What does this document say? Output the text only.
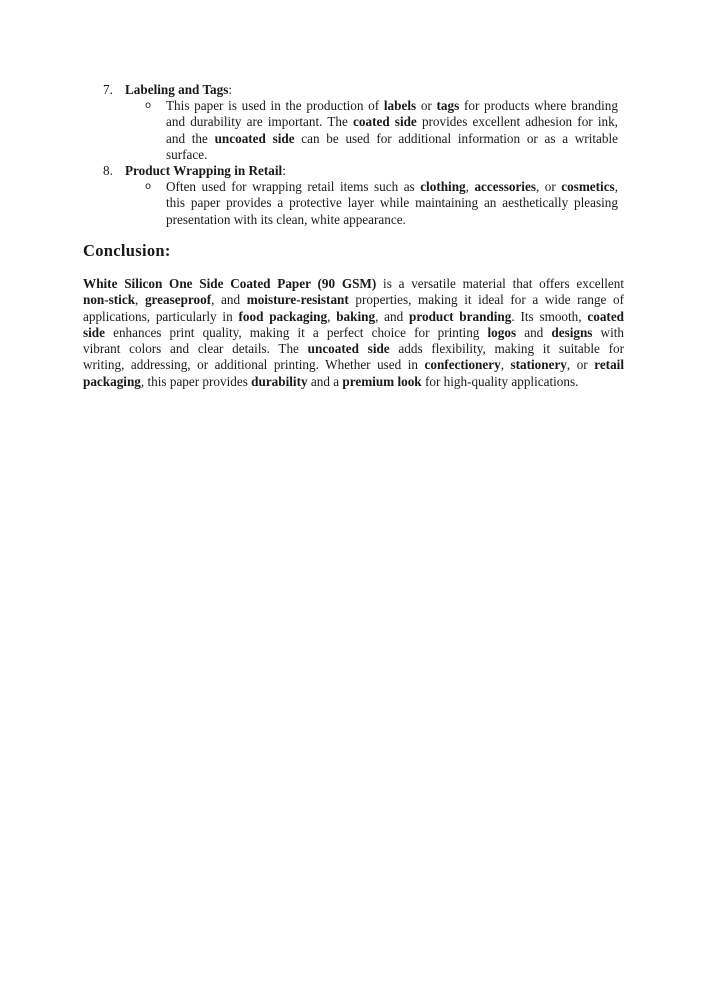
7. Labeling and Tags:
o This paper is used in the production of labels or tags for products where branding
and durability are important. The coated side provides excellent adhesion for ink,
and the uncoated side can be used for additional information or as a writable
surface.
8. Product Wrapping in Retail:
o Often used for wrapping retail items such as clothing, accessories, or cosmetics,
this paper provides a protective layer while maintaining an aesthetically pleasing
presentation with its clean, white appearance.
Conclusion:
White Silicon One Side Coated Paper (90 GSM) is a versatile material that offers excellent
non-stick, greaseproof, and moisture-resistant properties, making it ideal for a wide range of
applications, particularly in food packaging, baking, and product branding. Its smooth, coated
side enhances print quality, making it a perfect choice for printing logos and designs with
vibrant colors and clear details. The uncoated side adds flexibility, making it suitable for
writing, addressing, or additional printing. Whether used in confectionery, stationery, or retail
packaging, this paper provides durability and a premium look for high-quality applications.
